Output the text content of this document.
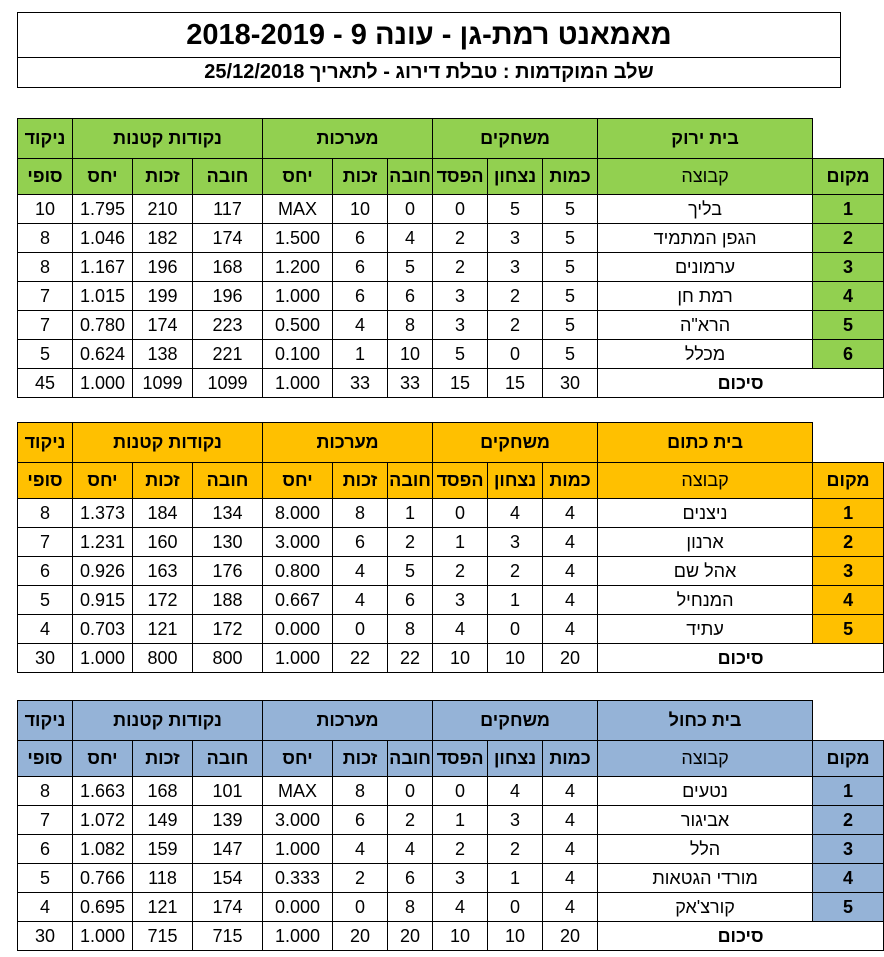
מאמאנט רמת-גן - עונה 9 - 2018-2019
שלב המוקדמות : טבלת דירוג - לתאריך 25/12/2018
ניקוד	נקודות קטנות			מערכות			משחקים			בית ירוק	
סופי	יחס	זכות	חובה	יחס	זכות	חובה	הפסד	נצחון	כמות	קבוצה	מקום
10	1.795	210	117	MAX	10	0	0	5	5	בליך	1
8	1.046	182	174	1.500	6	4	2	3	5	הגפן המתמיד	2
8	1.167	196	168	1.200	6	5	2	3	5	ערמונים	3
7	1.015	199	196	1.000	6	6	3	2	5	רמת חן	4
7	0.780	174	223	0.500	4	8	3	2	5	הרא"ה	5
5	0.624	138	221	0.100	1	10	5	0	5	מכלל	6
45	1.000	1099	1099	1.000	33	33	15	15	30	סיכום	
ניקוד	נקודות קטנות			מערכות			משחקים			בית כתום	
סופי	יחס	זכות	חובה	יחס	זכות	חובה	הפסד	נצחון	כמות	קבוצה	מקום
8	1.373	184	134	8.000	8	1	0	4	4	ניצנים	1
7	1.231	160	130	3.000	6	2	1	3	4	ארנון	2
6	0.926	163	176	0.800	4	5	2	2	4	אהל שם	3
5	0.915	172	188	0.667	4	6	3	1	4	המנחיל	4
4	0.703	121	172	0.000	0	8	4	0	4	עתיד	5
30	1.000	800	800	1.000	22	22	10	10	20	סיכום	
ניקוד	נקודות קטנות			מערכות			משחקים			בית כחול	
סופי	יחס	זכות	חובה	יחס	זכות	חובה	הפסד	נצחון	כמות	קבוצה	מקום
8	1.663	168	101	MAX	8	0	0	4	4	נטעים	1
7	1.072	149	139	3.000	6	2	1	3	4	אביגור	2
6	1.082	159	147	1.000	4	4	2	2	4	הלל	3
5	0.766	118	154	0.333	2	6	3	1	4	מורדי הגטאות	4
4	0.695	121	174	0.000	0	8	4	0	4	קורצ'אק	5
30	1.000	715	715	1.000	20	20	10	10	20	סיכום	
